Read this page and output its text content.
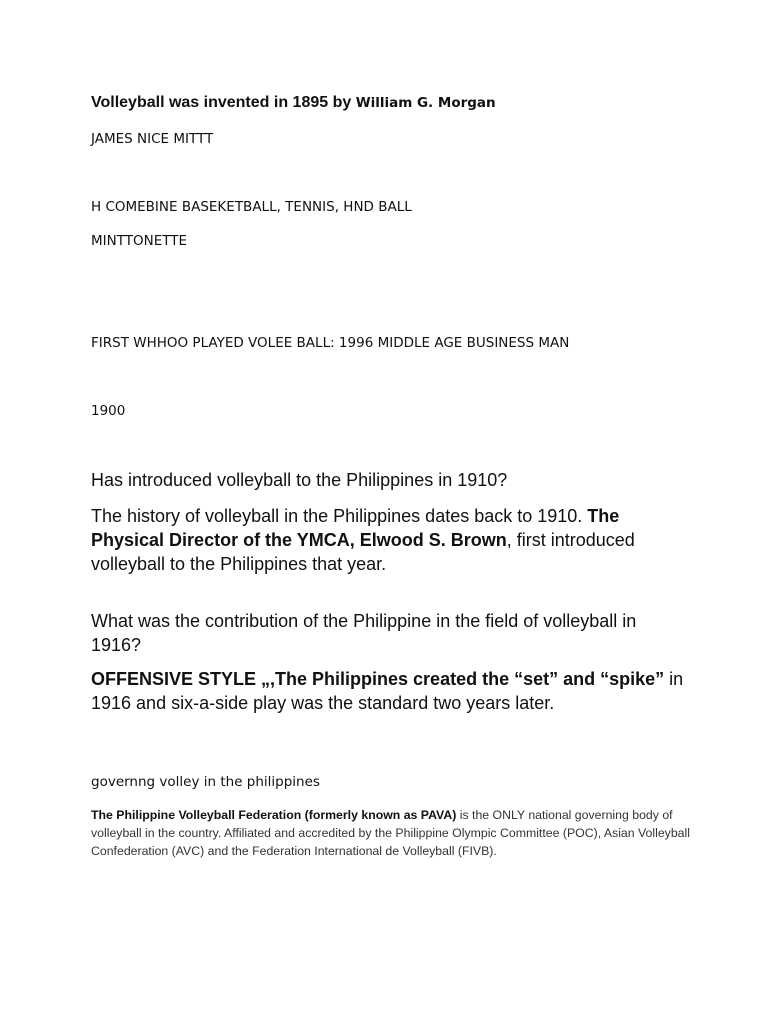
Volleyball was invented in 1895 by William G. Morgan
JAMES NICE MITTT
H COMEBINE BASEKETBALL, TENNIS, HND BALL
MINTTONETTE
FIRST WHHOO PLAYED VOLEE BALL: 1996 MIDDLE AGE BUSINESS MAN
1900
Has introduced volleyball to the Philippines in 1910?
The history of volleyball in the Philippines dates back to 1910. The Physical Director of the YMCA, Elwood S. Brown, first introduced volleyball to the Philippines that year.
What was the contribution of the Philippine in the field of volleyball in 1916?
OFFENSIVE STYLE „,The Philippines created the “set” and “spike” in 1916 and six-a-side play was the standard two years later.
governng volley in the philippines
The Philippine Volleyball Federation (formerly known as PAVA) is the ONLY national governing body of volleyball in the country. Affiliated and accredited by the Philippine Olympic Committee (POC), Asian Volleyball Confederation (AVC) and the Federation International de Volleyball (FIVB).
